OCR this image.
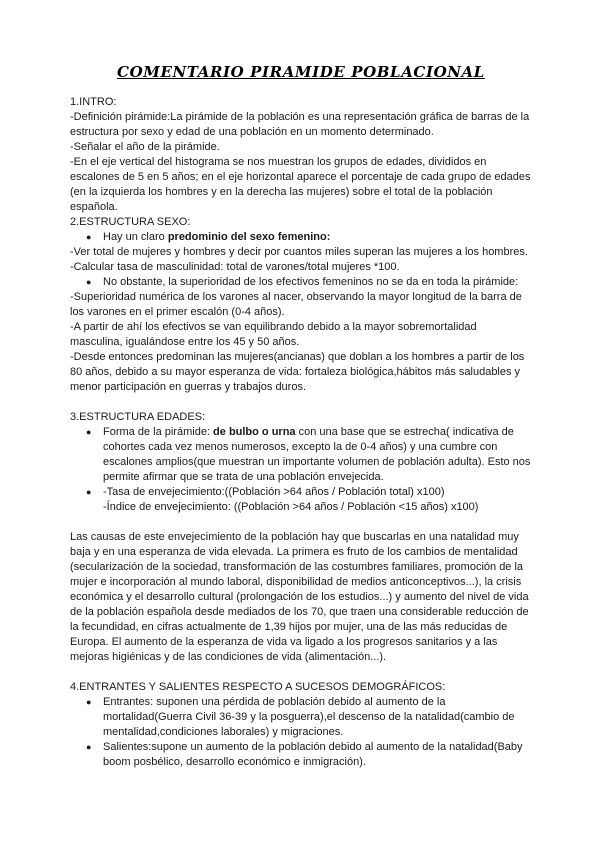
COMENTARIO PIRAMIDE POBLACIONAL

1.INTRO:

-Definición pirámide:La pirámide de la población es una representación gráfica de barras de la estructura por sexo y edad de una población en un momento determinado.

-Señalar el año de la pirámide.

-En el eje vertical del histograma se nos muestran los grupos de edades, divididos en escalones de 5 en 5 años; en el eje horizontal aparece el porcentaje de cada grupo de edades (en la izquierda los hombres y en la derecha las mujeres) sobre el total de la población española.

2.ESTRUCTURA SEXO:

●	Hay un claro predominio del sexo femenino:

-Ver total de mujeres y hombres y decir por cuantos miles superan las mujeres a los hombres.

-Calcular tasa de masculinidad: total de varones/total mujeres *100.

●	No obstante, la superioridad de los efectivos femeninos no se da en toda la pirámide:

-Superioridad numérica de los varones al nacer, observando la mayor longitud de la barra de los varones en el primer escalón (0-4 años).

-A partir de ahí los efectivos se van equilibrando debido a la mayor sobremortalidad masculina, igualándose entre los 45 y 50 años.

-Desde entonces predominan las mujeres(ancianas) que doblan a los hombres a partir de los 80 años, debido a su mayor esperanza de vida: fortaleza biológica,hábitos más saludables y menor participación en guerras y trabajos duros.

3.ESTRUCTURA EDADES:

●	Forma de la pirámide: de bulbo o urna con una base que se estrecha( indicativa de cohortes cada vez menos numerosos, excepto la de 0-4 años) y una cumbre con escalones amplios(que muestran un importante volumen de población adulta). Esto nos permite afirmar que se trata de una población envejecida.
●	-Tasa de envejecimiento:((Población >64 años / Población total) x100)
-Índice de envejecimiento: ((Población >64 años / Población <15 años) x100)

Las causas de este envejecimiento de la población hay que buscarlas en una natalidad muy baja y en una esperanza de vida elevada. La primera es fruto de los cambios de mentalidad (secularización de la sociedad, transformación de las costumbres familiares, promoción de la mujer e incorporación al mundo laboral, disponibilidad de medios anticonceptivos...), la crisis económica y el desarrollo cultural (prolongación de los estudios...) y aumento del nivel de vida de la población española desde mediados de los 70, que traen una considerable reducción de la fecundidad, en cifras actualmente de 1,39 hijos por mujer, una de las más reducidas de Europa. El aumento de la esperanza de vida va ligado a los progresos sanitarios y a las mejoras higiénicas y de las condiciones de vida (alimentación...).

4.ENTRANTES Y SALIENTES RESPECTO A SUCESOS DEMOGRÁFICOS:

●	Entrantes: suponen una pérdida de población debido al aumento de la mortalidad(Guerra Civil 36-39 y la posguerra),el descenso de la natalidad(cambio de mentalidad,condiciones laborales) y migraciones.
●	Salientes:supone un aumento de la población debido al aumento de la natalidad(Baby boom posbélico, desarrollo económico e inmigración).
